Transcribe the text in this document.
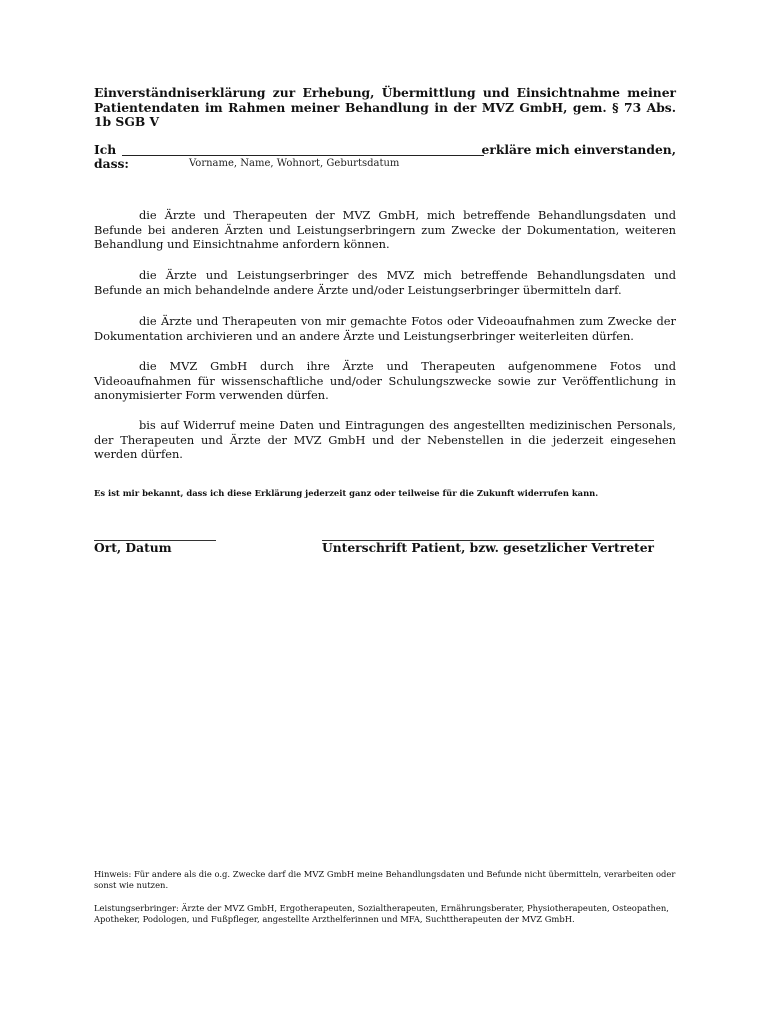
Einverständniserklärung zur Erhebung, Übermittlung und Einsichtnahme meiner Patientendaten im Rahmen meiner Behandlung in der MVZ GmbH, gem. § 73 Abs. 1b SGB V
Ich	erkläre mich einverstanden,
dass:	Vorname, Name, Wohnort, Geburtsdatum

die Ärzte und Therapeuten der MVZ GmbH, mich betreffende Behandlungsdaten und Befunde bei anderen Ärzten und Leistungserbringern zum Zwecke der Dokumentation, weiteren Behandlung und Einsichtnahme anfordern können.

die Ärzte und Leistungserbringer des MVZ mich betreffende Behandlungsdaten und Befunde an mich behandelnde andere Ärzte und/oder Leistungserbringer übermitteln darf.

die Ärzte und Therapeuten von mir gemachte Fotos oder Videoaufnahmen zum Zwecke der Dokumentation archivieren und an andere Ärzte und Leistungserbringer weiterleiten dürfen.

die MVZ GmbH durch ihre Ärzte und Therapeuten aufgenommene Fotos und Videoaufnahmen für wissenschaftliche und/oder Schulungszwecke sowie zur Veröffentlichung in anonymisierter Form verwenden dürfen.

bis auf Widerruf meine Daten und Eintragungen des angestellten medizinischen Personals, der Therapeuten und Ärzte der MVZ GmbH und der Nebenstellen in die jederzeit eingesehen werden dürfen.

Es ist mir bekannt, dass ich diese Erklärung jederzeit ganz oder teilweise für die Zukunft widerrufen kann.

Ort, Datum	Unterschrift Patient, bzw. gesetzlicher Vertreter

Hinweis: Für andere als die o.g. Zwecke darf die MVZ GmbH meine Behandlungsdaten und Befunde nicht übermitteln, verarbeiten oder sonst wie nutzen.

Leistungserbringer: Ärzte der MVZ GmbH, Ergotherapeuten, Sozialtherapeuten, Ernährungsberater, Physiotherapeuten, Osteopathen, Apotheker, Podologen, und Fußpfleger, angestellte Arzthelferinnen und MFA, Suchttherapeuten der MVZ GmbH.
